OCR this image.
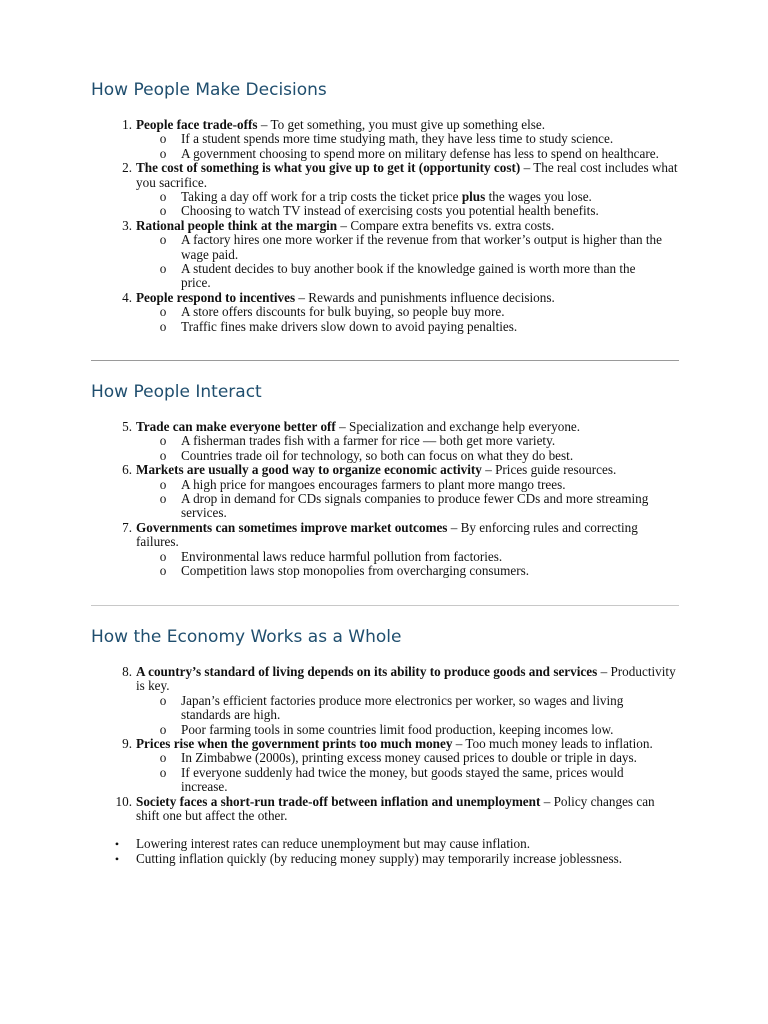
How People Make Decisions
1. People face trade-offs – To get something, you must give up something else.
o If a student spends more time studying math, they have less time to study science.
o A government choosing to spend more on military defense has less to spend on healthcare.
2. The cost of something is what you give up to get it (opportunity cost) – The real cost includes what you sacrifice.
o Taking a day off work for a trip costs the ticket price plus the wages you lose.
o Choosing to watch TV instead of exercising costs you potential health benefits.
3. Rational people think at the margin – Compare extra benefits vs. extra costs.
o A factory hires one more worker if the revenue from that worker’s output is higher than the wage paid.
o A student decides to buy another book if the knowledge gained is worth more than the price.
4. People respond to incentives – Rewards and punishments influence decisions.
o A store offers discounts for bulk buying, so people buy more.
o Traffic fines make drivers slow down to avoid paying penalties.
How People Interact
5. Trade can make everyone better off – Specialization and exchange help everyone.
o A fisherman trades fish with a farmer for rice — both get more variety.
o Countries trade oil for technology, so both can focus on what they do best.
6. Markets are usually a good way to organize economic activity – Prices guide resources.
o A high price for mangoes encourages farmers to plant more mango trees.
o A drop in demand for CDs signals companies to produce fewer CDs and more streaming services.
7. Governments can sometimes improve market outcomes – By enforcing rules and correcting failures.
o Environmental laws reduce harmful pollution from factories.
o Competition laws stop monopolies from overcharging consumers.
How the Economy Works as a Whole
8. A country’s standard of living depends on its ability to produce goods and services – Productivity is key.
o Japan’s efficient factories produce more electronics per worker, so wages and living standards are high.
o Poor farming tools in some countries limit food production, keeping incomes low.
9. Prices rise when the government prints too much money – Too much money leads to inflation.
o In Zimbabwe (2000s), printing excess money caused prices to double or triple in days.
o If everyone suddenly had twice the money, but goods stayed the same, prices would increase.
10. Society faces a short-run trade-off between inflation and unemployment – Policy changes can shift one but affect the other.
• Lowering interest rates can reduce unemployment but may cause inflation.
• Cutting inflation quickly (by reducing money supply) may temporarily increase joblessness.
